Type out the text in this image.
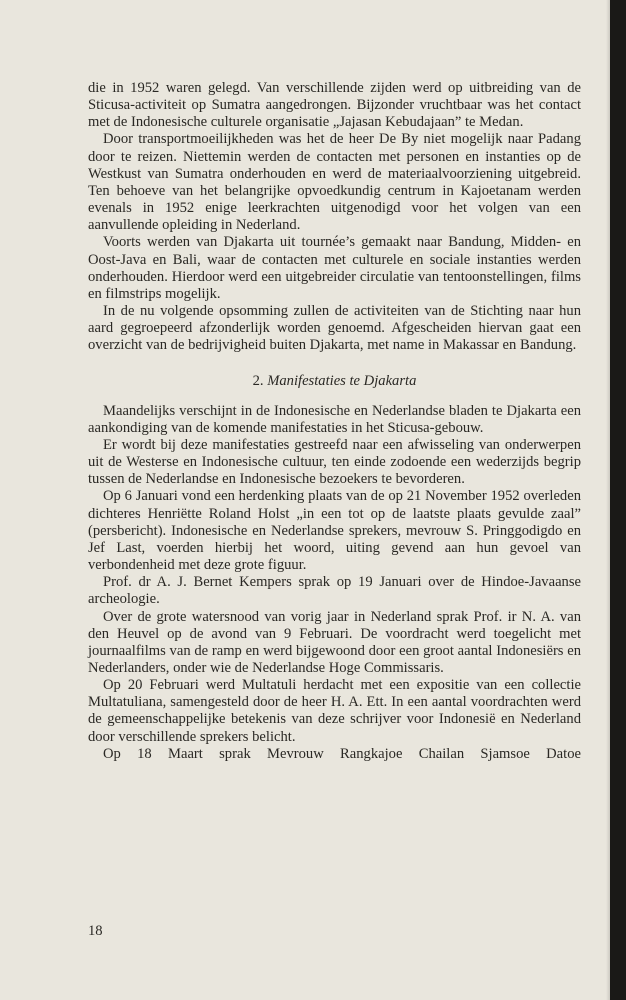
die in 1952 waren gelegd. Van verschillende zijden werd op uitbreiding van de Sticusa-activiteit op Sumatra aangedrongen. Bijzonder vruchtbaar was het contact met de Indonesische culturele organisatie „Jajasan Kebudajaan” te Medan.

Door transportmoeilijkheden was het de heer De By niet mogelijk naar Padang door te reizen. Niettemin werden de contacten met personen en instanties op de Westkust van Sumatra onderhouden en werd de materiaalvoorziening uitgebreid. Ten behoeve van het belangrijke opvoedkundig centrum in Kajoetanam werden evenals in 1952 enige leerkrachten uitgenodigd voor het volgen van een aanvullende opleiding in Nederland.

Voorts werden van Djakarta uit tournée’s gemaakt naar Bandung, Midden- en Oost-Java en Bali, waar de contacten met culturele en sociale instanties werden onderhouden. Hierdoor werd een uitgebreider circulatie van tentoonstellingen, films en filmstrips mogelijk.

In de nu volgende opsomming zullen de activiteiten van de Stichting naar hun aard gegroepeerd afzonderlijk worden genoemd. Afgescheiden hiervan gaat een overzicht van de bedrijvigheid buiten Djakarta, met name in Makassar en Bandung.

2. Manifestaties te Djakarta

Maandelijks verschijnt in de Indonesische en Nederlandse bladen te Djakarta een aankondiging van de komende manifestaties in het Sticusa-gebouw.

Er wordt bij deze manifestaties gestreefd naar een afwisseling van onderwerpen uit de Westerse en Indonesische cultuur, ten einde zodoende een wederzijds begrip tussen de Nederlandse en Indonesische bezoekers te bevorderen.

Op 6 Januari vond een herdenking plaats van de op 21 November 1952 overleden dichteres Henriëtte Roland Holst „in een tot op de laatste plaats gevulde zaal” (persbericht). Indonesische en Nederlandse sprekers, mevrouw S. Pringgodigdo en Jef Last, voerden hierbij het woord, uiting gevend aan hun gevoel van verbondenheid met deze grote figuur.

Prof. dr A. J. Bernet Kempers sprak op 19 Januari over de Hindoe-Javaanse archeologie.

Over de grote watersnood van vorig jaar in Nederland sprak Prof. ir N. A. van den Heuvel op de avond van 9 Februari. De voordracht werd toegelicht met journaalfilms van de ramp en werd bijgewoond door een groot aantal Indonesiërs en Nederlanders, onder wie de Nederlandse Hoge Commissaris.

Op 20 Februari werd Multatuli herdacht met een expositie van een collectie Multatuliana, samengesteld door de heer H. A. Ett. In een aantal voordrachten werd de gemeenschappelijke betekenis van deze schrijver voor Indonesië en Nederland door verschillende sprekers belicht.

Op 18 Maart sprak Mevrouw Rangkajoe Chailan Sjamsoe Datoe

18
